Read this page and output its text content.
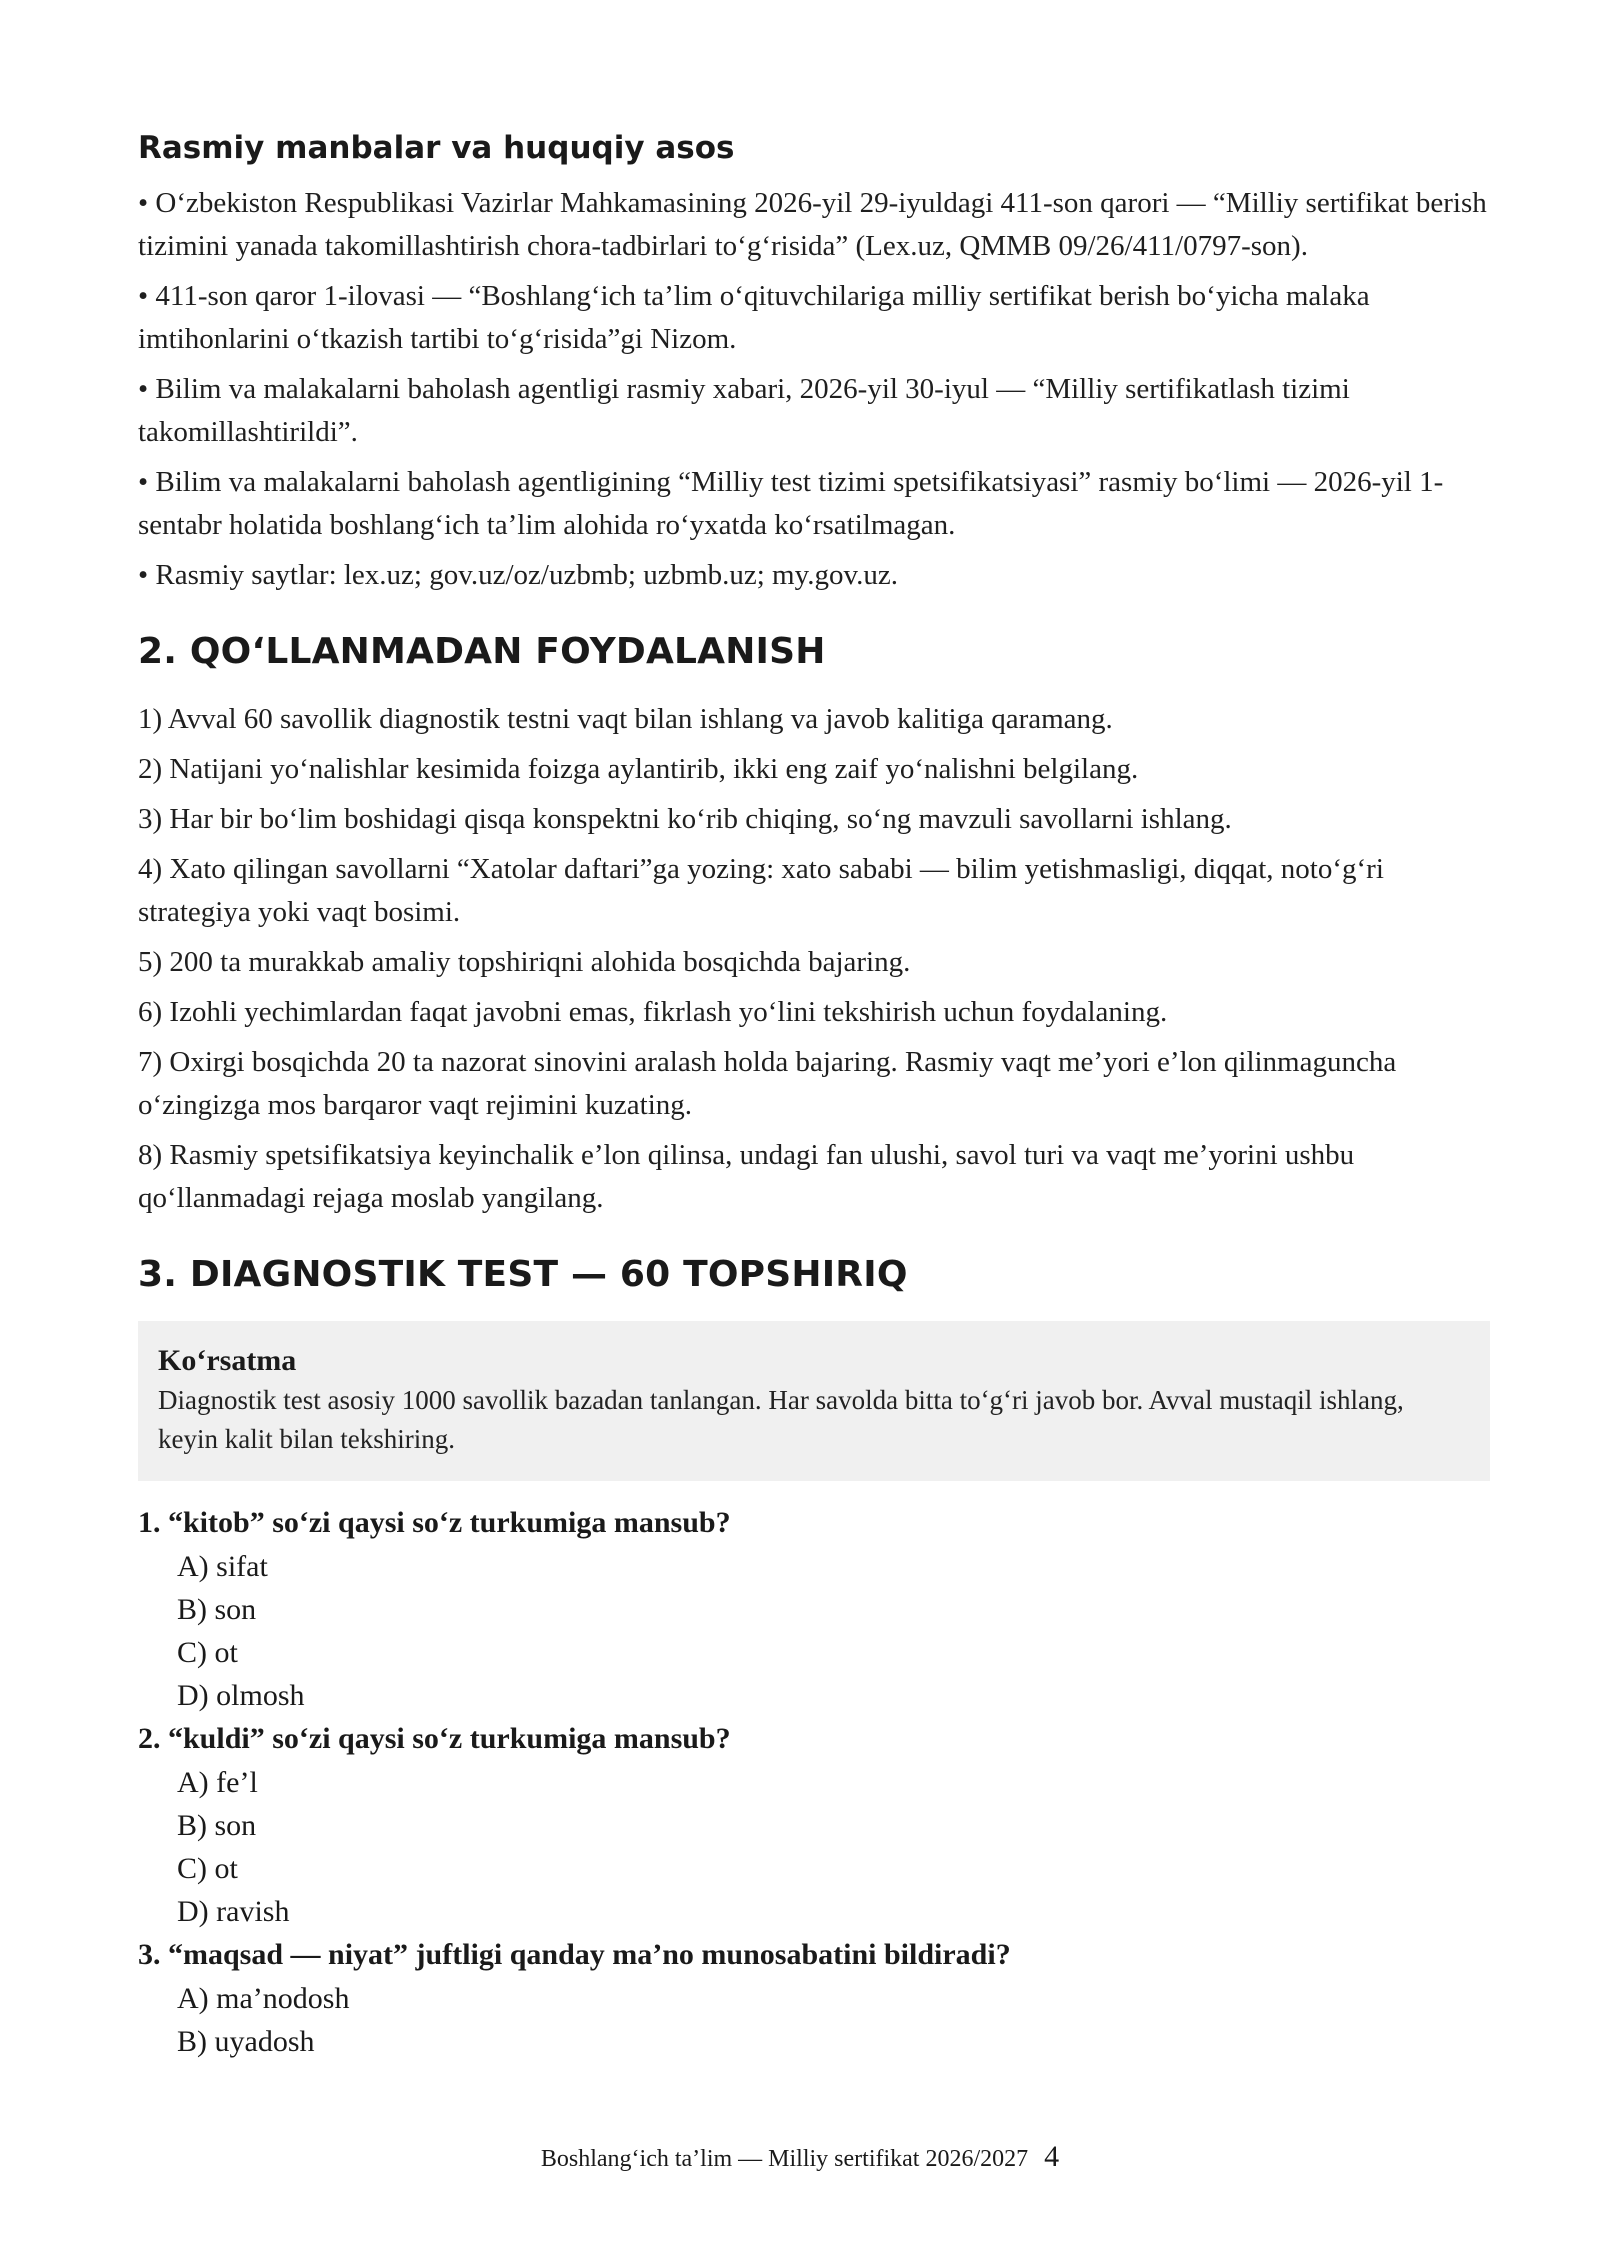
Rasmiy manbalar va huquqiy asos

• O‘zbekiston Respublikasi Vazirlar Mahkamasining 2026-yil 29-iyuldagi 411-son qarori — “Milliy sertifikat berish tizimini yanada takomillashtirish chora-tadbirlari to‘g‘risida” (Lex.uz, QMMB 09/26/411/0797-son).

• 411-son qaror 1-ilovasi — “Boshlang‘ich ta’lim o‘qituvchilariga milliy sertifikat berish bo‘yicha malaka imtihonlarini o‘tkazish tartibi to‘g‘risida”gi Nizom.

• Bilim va malakalarni baholash agentligi rasmiy xabari, 2026-yil 30-iyul — “Milliy sertifikatlash tizimi takomillashtirildi”.

• Bilim va malakalarni baholash agentligining “Milliy test tizimi spetsifikatsiyasi” rasmiy bo‘limi — 2026-yil 1-sentabr holatida boshlang‘ich ta’lim alohida ro‘yxatda ko‘rsatilmagan.

• Rasmiy saytlar: lex.uz; gov.uz/oz/uzbmb; uzbmb.uz; my.gov.uz.

2. QO‘LLANMADAN FOYDALANISH

1) Avval 60 savollik diagnostik testni vaqt bilan ishlang va javob kalitiga qaramang.

2) Natijani yo‘nalishlar kesimida foizga aylantirib, ikki eng zaif yo‘nalishni belgilang.

3) Har bir bo‘lim boshidagi qisqa konspektni ko‘rib chiqing, so‘ng mavzuli savollarni ishlang.

4) Xato qilingan savollarni “Xatolar daftari”ga yozing: xato sababi — bilim yetishmasligi, diqqat, noto‘g‘ri strategiya yoki vaqt bosimi.

5) 200 ta murakkab amaliy topshiriqni alohida bosqichda bajaring.

6) Izohli yechimlardan faqat javobni emas, fikrlash yo‘lini tekshirish uchun foydalaning.

7) Oxirgi bosqichda 20 ta nazorat sinovini aralash holda bajaring. Rasmiy vaqt me’yori e’lon qilinmaguncha o‘zingizga mos barqaror vaqt rejimini kuzating.

8) Rasmiy spetsifikatsiya keyinchalik e’lon qilinsa, undagi fan ulushi, savol turi va vaqt me’yorini ushbu qo‘llanmadagi rejaga moslab yangilang.

3. DIAGNOSTIK TEST — 60 TOPSHIRIQ
Ko‘rsatma
Diagnostik test asosiy 1000 savollik bazadan tanlangan. Har savolda bitta to‘g‘ri javob bor. Avval mustaqil ishlang, keyin kalit bilan tekshiring.
1. “kitob” so‘zi qaysi so‘z turkumiga mansub?
A) sifat
B) son
C) ot
D) olmosh
2. “kuldi” so‘zi qaysi so‘z turkumiga mansub?
A) fe’l
B) son
C) ot
D) ravish
3. “maqsad — niyat” juftligi qanday ma’no munosabatini bildiradi?
A) ma’nodosh
B) uyadosh
Boshlang‘ich ta’lim — Milliy sertifikat 2026/2027 4
